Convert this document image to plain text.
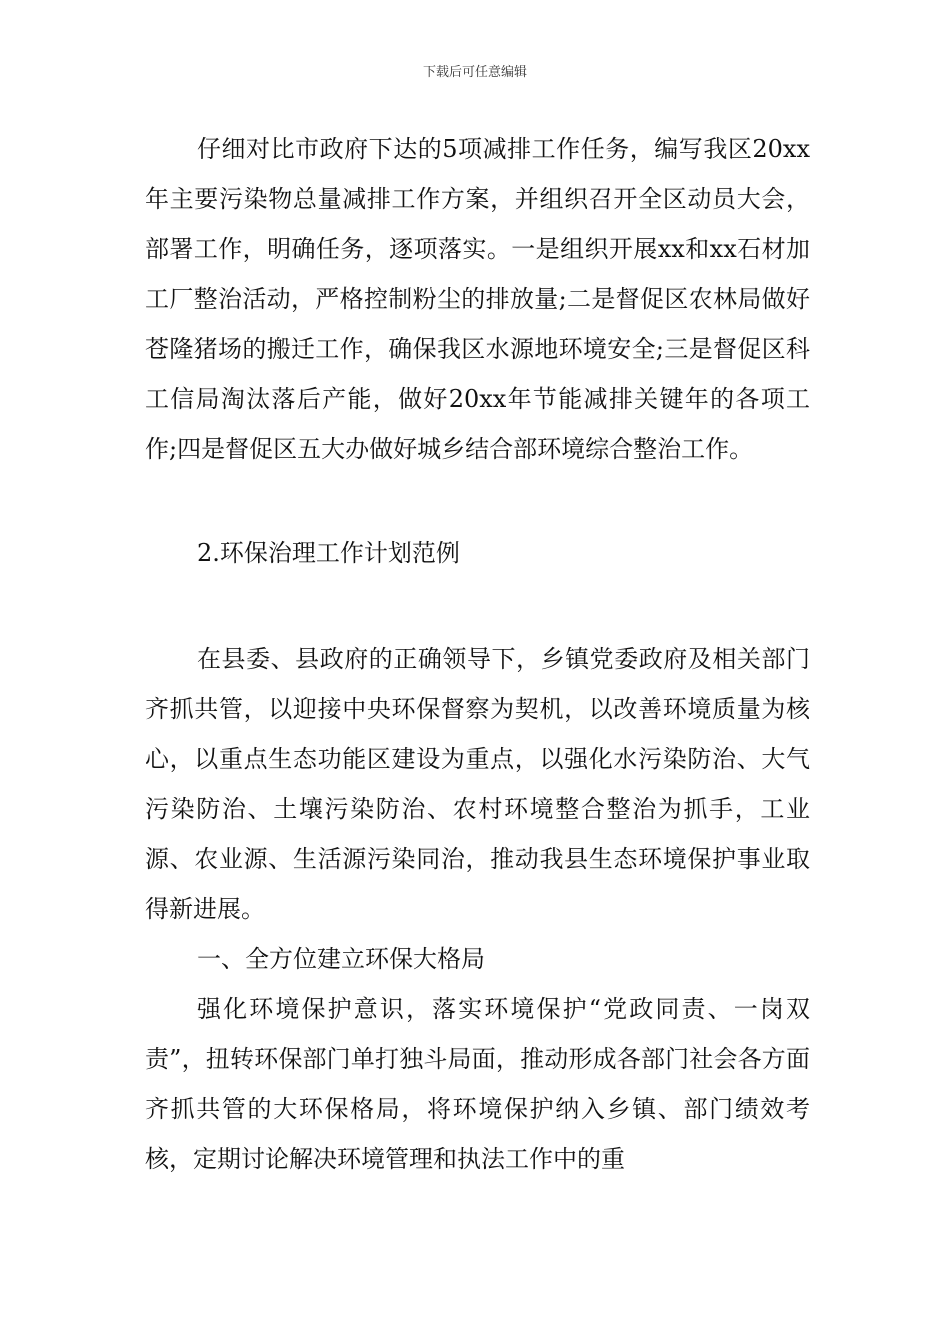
下载后可任意编辑

仔细对比市政府下达的5项减排工作任务，编写我区20xx年主要污染物总量减排工作方案，并组织召开全区动员大会，部署工作，明确任务，逐项落实。一是组织开展xx和xx石材加工厂整治活动，严格控制粉尘的排放量;二是督促区农林局做好苍隆猪场的搬迁工作，确保我区水源地环境安全;三是督促区科工信局淘汰落后产能，做好20xx年节能减排关键年的各项工作;四是督促区五大办做好城乡结合部环境综合整治工作。

2.环保治理工作计划范例

在县委、县政府的正确领导下，乡镇党委政府及相关部门齐抓共管，以迎接中央环保督察为契机，以改善环境质量为核心，以重点生态功能区建设为重点，以强化水污染防治、大气污染防治、土壤污染防治、农村环境整合整治为抓手，工业源、农业源、生活源污染同治，推动我县生态环境保护事业取得新进展。

一、全方位建立环保大格局

强化环境保护意识，落实环境保护“党政同责、一岗双责”，扭转环保部门单打独斗局面，推动形成各部门社会各方面齐抓共管的大环保格局，将环境保护纳入乡镇、部门绩效考核，定期讨论解决环境管理和执法工作中的重
